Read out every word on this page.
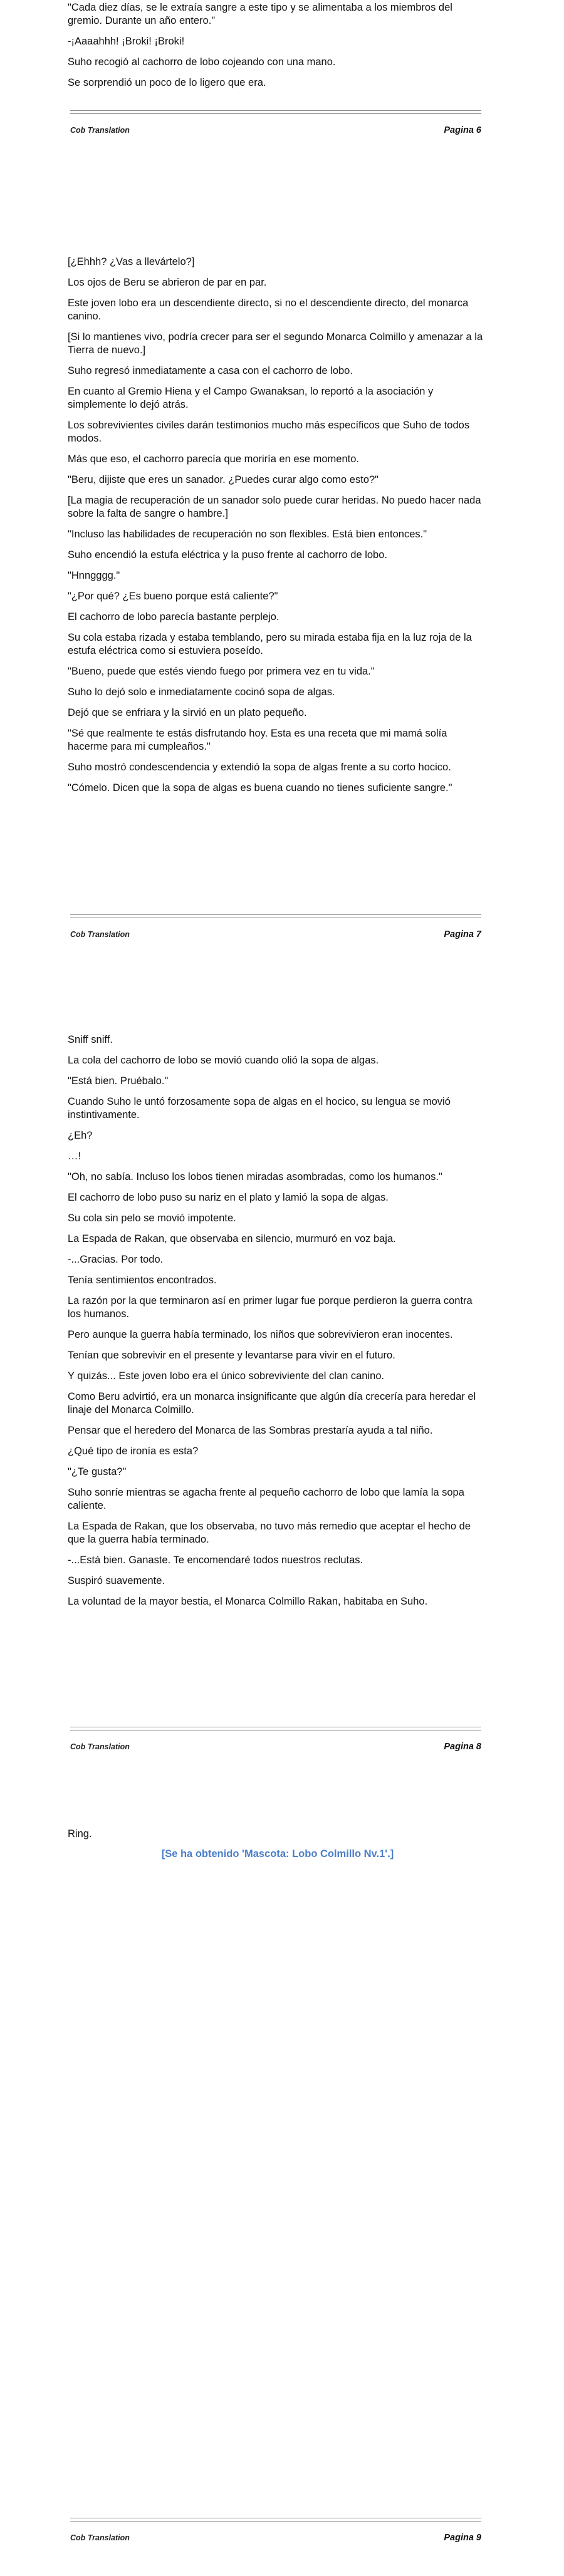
"Cada diez días, se le extraía sangre a este tipo y se alimentaba a los miembros del gremio. Durante un año entero."

-¡Aaaahhh! ¡Broki! ¡Broki!

Suho recogió al cachorro de lobo cojeando con una mano.

Se sorprendió un poco de lo ligero que era.

Cob Translation	Pagina 6

[¿Ehhh? ¿Vas a llevártelo?]

Los ojos de Beru se abrieron de par en par.

Este joven lobo era un descendiente directo, si no el descendiente directo, del monarca canino.

[Si lo mantienes vivo, podría crecer para ser el segundo Monarca Colmillo y amenazar a la Tierra de nuevo.]

Suho regresó inmediatamente a casa con el cachorro de lobo.

En cuanto al Gremio Hiena y el Campo Gwanaksan, lo reportó a la asociación y simplemente lo dejó atrás.

Los sobrevivientes civiles darán testimonios mucho más específicos que Suho de todos modos.

Más que eso, el cachorro parecía que moriría en ese momento.

"Beru, dijiste que eres un sanador. ¿Puedes curar algo como esto?"

[La magia de recuperación de un sanador solo puede curar heridas. No puedo hacer nada sobre la falta de sangre o hambre.]

"Incluso las habilidades de recuperación no son flexibles. Está bien entonces."

Suho encendió la estufa eléctrica y la puso frente al cachorro de lobo.

"Hnngggg."

"¿Por qué? ¿Es bueno porque está caliente?"

El cachorro de lobo parecía bastante perplejo.

Su cola estaba rizada y estaba temblando, pero su mirada estaba fija en la luz roja de la estufa eléctrica como si estuviera poseído.

"Bueno, puede que estés viendo fuego por primera vez en tu vida."

Suho lo dejó solo e inmediatamente cocinó sopa de algas.

Dejó que se enfriara y la sirvió en un plato pequeño.

"Sé que realmente te estás disfrutando hoy. Esta es una receta que mi mamá solía hacerme para mi cumpleaños."

Suho mostró condescendencia y extendió la sopa de algas frente a su corto hocico.

"Cómelo. Dicen que la sopa de algas es buena cuando no tienes suficiente sangre."

Cob Translation	Pagina 7

Sniff sniff.

La cola del cachorro de lobo se movió cuando olió la sopa de algas.

"Está bien. Pruébalo."

Cuando Suho le untó forzosamente sopa de algas en el hocico, su lengua se movió instintivamente.

¿Eh?

…!

"Oh, no sabía. Incluso los lobos tienen miradas asombradas, como los humanos."

El cachorro de lobo puso su nariz en el plato y lamió la sopa de algas.

Su cola sin pelo se movió impotente.

La Espada de Rakan, que observaba en silencio, murmuró en voz baja.

-...Gracias. Por todo.

Tenía sentimientos encontrados.

La razón por la que terminaron así en primer lugar fue porque perdieron la guerra contra los humanos.

Pero aunque la guerra había terminado, los niños que sobrevivieron eran inocentes.

Tenían que sobrevivir en el presente y levantarse para vivir en el futuro.

Y quizás... Este joven lobo era el único sobreviviente del clan canino.

Como Beru advirtió, era un monarca insignificante que algún día crecería para heredar el linaje del Monarca Colmillo.

Pensar que el heredero del Monarca de las Sombras prestaría ayuda a tal niño.

¿Qué tipo de ironía es esta?

"¿Te gusta?"

Suho sonríe mientras se agacha frente al pequeño cachorro de lobo que lamía la sopa caliente.

La Espada de Rakan, que los observaba, no tuvo más remedio que aceptar el hecho de que la guerra había terminado.

-...Está bien. Ganaste. Te encomendaré todos nuestros reclutas.

Suspiró suavemente.

La voluntad de la mayor bestia, el Monarca Colmillo Rakan, habitaba en Suho.

Cob Translation	Pagina 8

Ring.

[Se ha obtenido 'Mascota: Lobo Colmillo Nv.1'.]
Cob Translation	Pagina 9
